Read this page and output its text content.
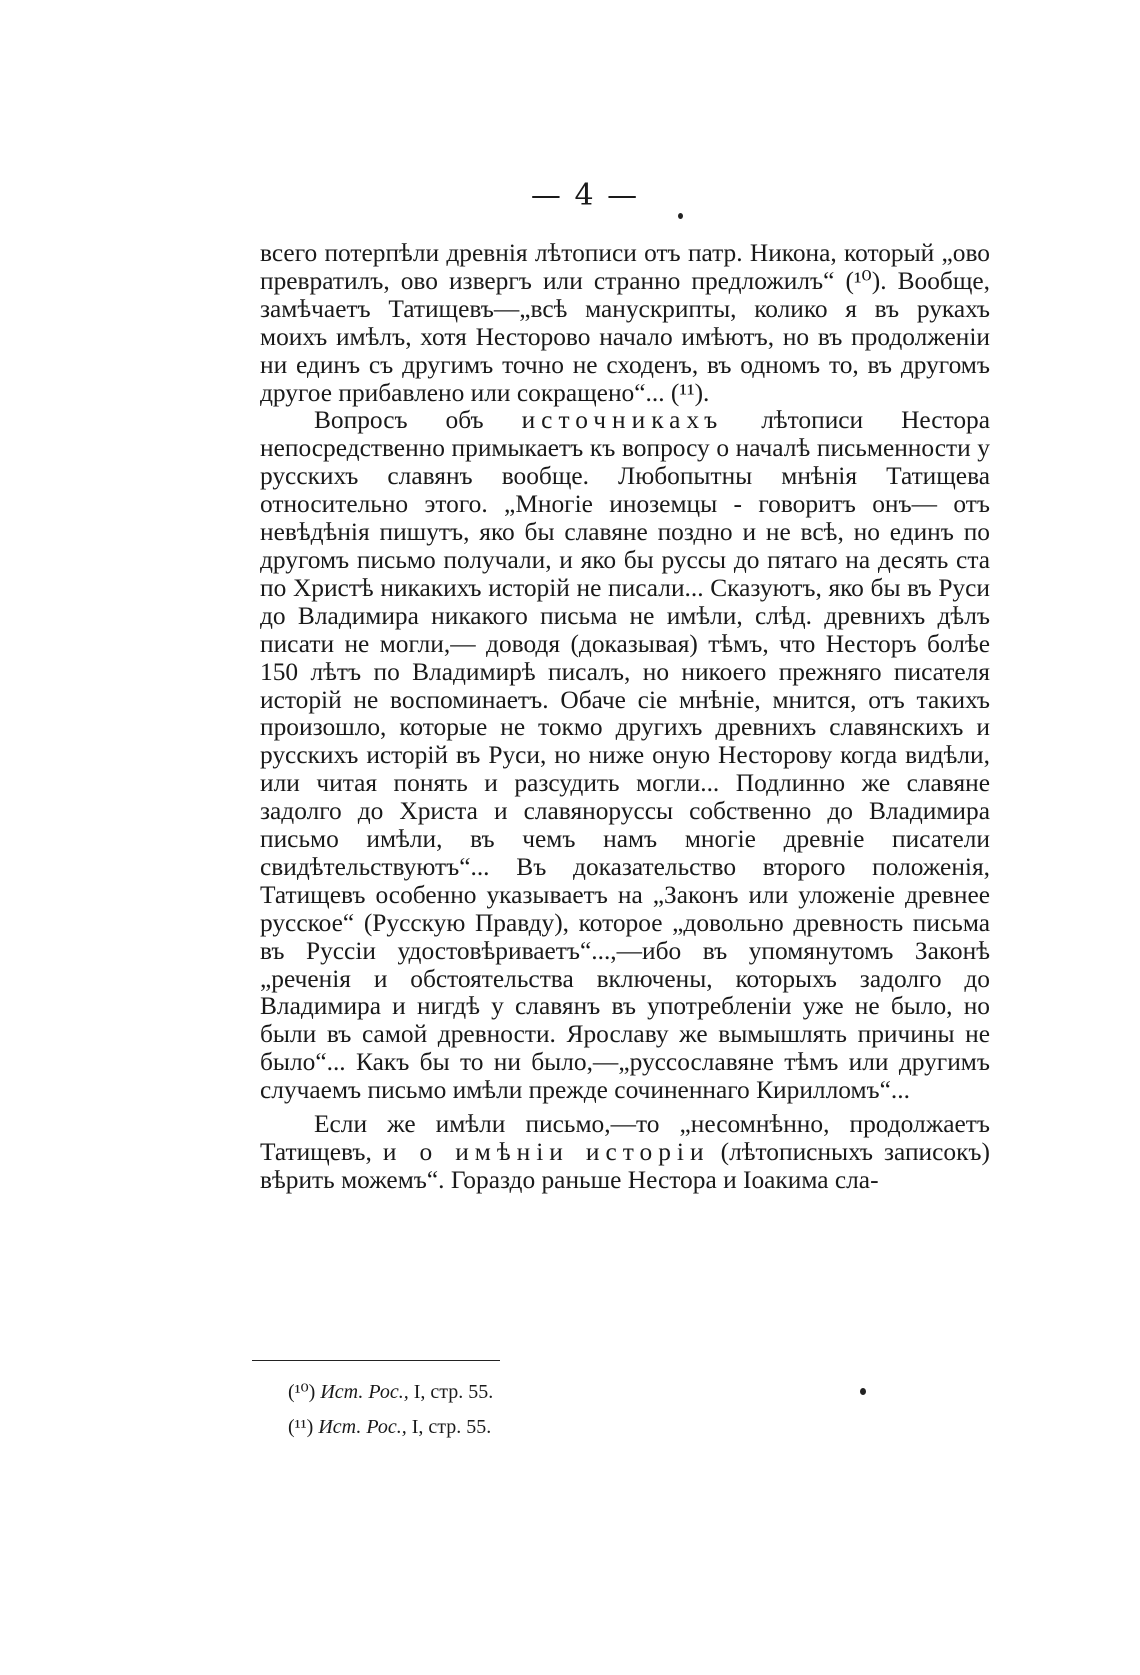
— 4 —

всего потерпѣли древнія лѣтописи отъ патр. Никона, который „ово превратилъ, ово извергъ или странно предложилъ“ (¹⁰). Вообще, замѣчаетъ Татищевъ—„всѣ манускрипты, колико я въ рукахъ моихъ имѣлъ, хотя Несторово начало имѣютъ, но въ продолженіи ни единъ съ другимъ точно не сходенъ, въ одномъ то, въ другомъ другое прибавлено или сокращено“... (¹¹).

Вопросъ объ источникахъ лѣтописи Нестора непосредственно примыкаетъ къ вопросу о началѣ письменности у русскихъ славянъ вообще. Любопытны мнѣнія Татищева относительно этого. „Многіе иноземцы - говоритъ онъ— отъ невѣдѣнія пишутъ, яко бы славяне поздно и не всѣ, но единъ по другомъ письмо получали, и яко бы руссы до пятаго на десять ста по Христѣ никакихъ исторій не писали... Сказуютъ, яко бы въ Руси до Владимира никакого письма не имѣли, слѣд. древнихъ дѣлъ писати не могли,— доводя (доказывая) тѣмъ, что Несторъ болѣе 150 лѣтъ по Владимирѣ писалъ, но никоего прежняго писателя исторій не воспоминаетъ. Обаче сіе мнѣніе, мнится, отъ такихъ произошло, которые не токмо другихъ древнихъ славянскихъ и русскихъ исторій въ Руси, но ниже оную Несторову когда видѣли, или читая понять и разсудить могли... Подлинно же славяне задолго до Христа и славянорусcы собственно до Владимира письмо имѣли, въ чемъ намъ многіе древніе писатели свидѣтельствуютъ“... Въ доказательство второго положенія, Татищевъ особенно указываетъ на „Законъ или уложеніе древнее русское“ (Русскую Правду), которое „довольно древность письма въ Руссіи удостовѣриваетъ“...,—ибо въ упомянутомъ Законѣ „реченія и обстоятельства включены, которыхъ задолго до Владимира и нигдѣ у славянъ въ употребленіи уже не было, но были въ самой древности. Ярославу же вымышлять причины не было“... Какъ бы то ни было,—„руссославяне тѣмъ или другимъ случаемъ письмо имѣли прежде сочиненнаго Кирилломъ“...

Если же имѣли письмо,—то „несомнѣнно, продолжаетъ Татищевъ, и о имѣніи исторіи (лѣтописныхъ записокъ) вѣрить можемъ“. Гораздо раньше Нестора и Іоакима сла-

(¹⁰) Ист. Рос., I, стр. 55.
(¹¹) Ист. Рос., I, стр. 55.
